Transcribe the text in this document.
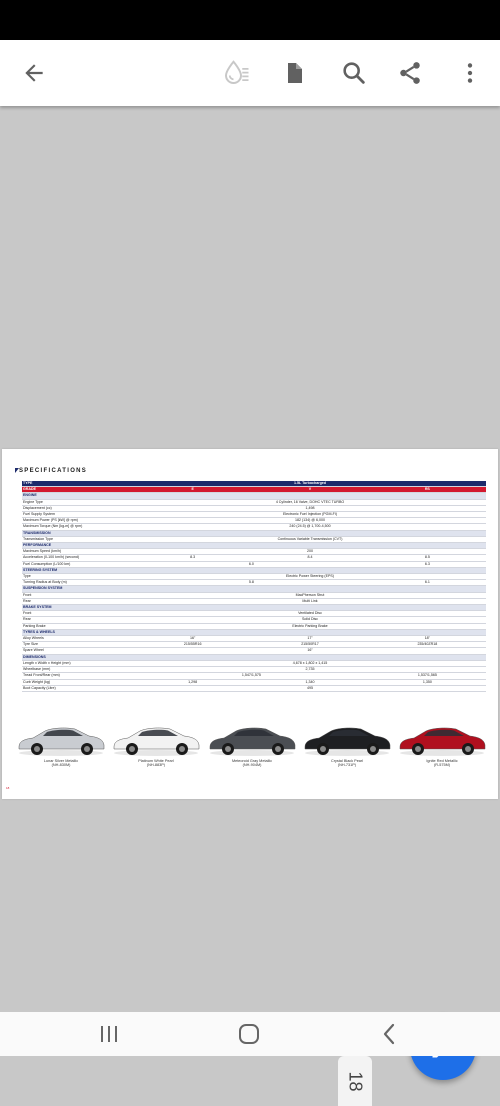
SPECIFICATIONS
TYPE	1.5L Turbocharged		
GRADE	E	V	RS
ENGINE			
Engine Type	4 Cylinder, 16 Valve, DOHC VTEC TURBO		
Displacement (cc)	1,498		
Fuel Supply System	Electronic Fuel Injection (PGM-FI)		
Maximum Power (PS [kW] @ rpm)	182 (134) @ 6,000		
Maximum Torque (Nm [kg-m] @ rpm)	240 (24.5) @ 1,700-4,500		
TRANSMISSION			
Transmission Type	Continuous Variable Transmission (CVT)		
PERFORMANCE			
Maximum Speed (km/h)	200		
Acceleration (0-100 km/h) (second)	8.3	8.4	8.5
Fuel Consumption (L/100 km)	6.0		6.3
STEERING SYSTEM			
Type	Electric Power Steering (EPS)		
Turning Radius at Body (m)	5.8		6.1
SUSPENSION SYSTEM			
Front	MacPherson Strut		
Rear	Multi Link		
BRAKE SYSTEM			
Front	Ventilated Disc		
Rear	Solid Disc		
Parking Brake	Electric Parking Brake		
TYRES & WHEELS			
Alloy Wheels	16"	17"	18"
Tyre Size	215/55R16	215/50R17	235/40ZR18
Spare Wheel	16"		
DIMENSIONS			
Length x Width x Height (mm)	4,678 x 1,802 x 1,415		
Wheelbase (mm)	2,735		
Tread Front/Rear (mm)	1,547/1,575		1,537/1,565
Curb Weight (kg)	1,298	1,340	1,350
Boot Capacity (Litre)	495		
Lunar Silver Metallic
(NH-830M)
Platinum White Pearl
(NH-883P)
Meteoroid Gray Metallic
(NH-904M)
Crystal Black Pearl
(NH-731P)
Ignite Red Metallic
(R-575M)
18
18
